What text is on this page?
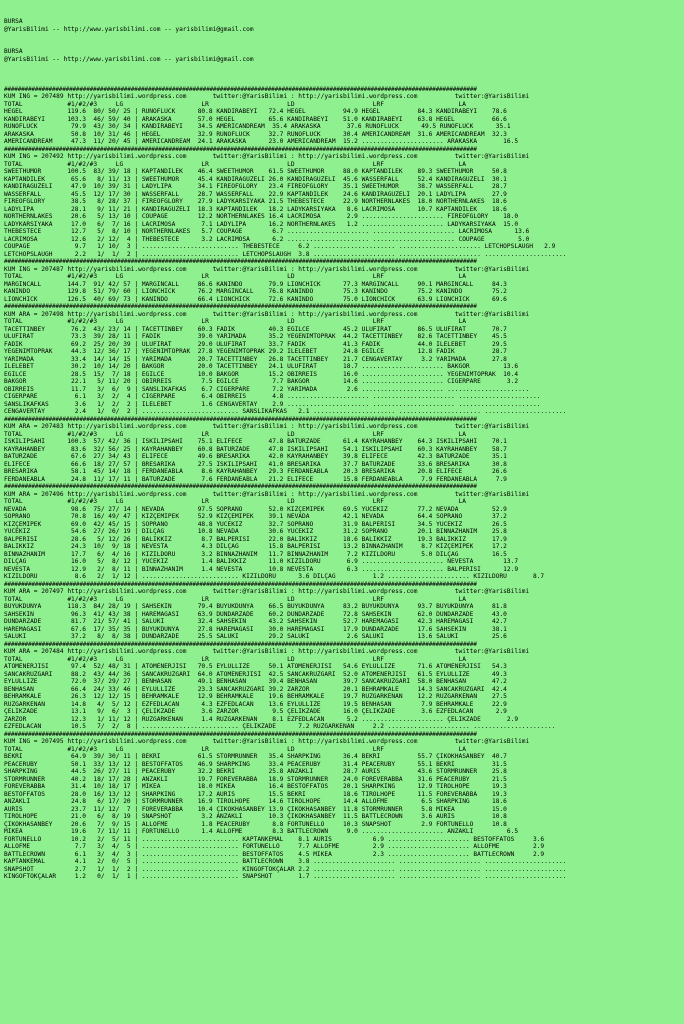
BURSA
@YarisBilimi -- http://www.yarisbilimi.com -- yarisbilimi@gmail.com
BURSA
@YarisBilimi -- http://www.yarisbilimi.com -- yarisbilimi@gmail.com

##########################################################################################################################################
KUM ING = 207489 http://yarisbilimi.wordpress.com       twitter:@YarisBilimi : http://yarisbilimi.wordpress.com          twitter:@YarisBilimi
TOTAL            #1/#2/#3     LG                     LR                     LD                     LRF                    LA
HEGEL            119.6  80/ 50/ 25 | RUNOFLUCK      80.8 KANDIRABEYI   72.4 HEGEL          94.9 HEGEL          84.3 KANDIRABEYI    78.6
KANDIRABEYI      103.3  46/ 59/ 40 | ARAKASKA       57.0 HEGEL         65.6 KANDIRABEYI    51.0 KANDIRABEYI    63.8 HEGEL          66.6
RUNOFLUCK         79.9  43/ 30/ 34 | KANDIRABEYI    34.5 AMERICANDREAM  35.4 ARAKASKA       37.6 RUNOFLUCK      49.5 RUNOFLUCK      35.1
ARAKASKA          50.8  10/ 31/ 46 | HEGEL          32.9 RUNOFLUCK     32.7 RUNOFLUCK      30.4 AMERICANDREAM  31.6 AMERICANDREAM  32.3
AMERICANDREAM     47.3  11/ 20/ 45 | AMERICANDREAM  24.1 ARAKASKA      23.0 AMERICANDREAM  15.2 ...................... ARAKASKA       16.5
##########################################################################################################################################
KUM ING = 207492 http://yarisbilimi.wordpress.com       twitter:@YarisBilimi : http://yarisbilimi.wordpress.com          twitter:@YarisBilimi
TOTAL            #1/#2/#3     LG                     LR                     LD                     LRF                    LA
SWEETHUMOR       100.5  83/ 39/ 18 | KAPTANDILEK    46.4 SWEETHUMOR    61.5 SWEETHUMOR     88.0 KAPTANDILEK    89.3 SWEETHUMOR     50.8
KAPTANDILEK       65.6   8/ 11/ 13 | SWEETHUMOR     45.4 KANDIRAGÜZELI 26.0 KANDIRAGÜZELI  45.6 WASSERFALL     52.4 KANDIRAGÜZELI  30.1
KANDIRAGÜZELI     47.9  10/ 39/ 31 | LADYLIPA       34.1 FIREOFGLORY   23.4 FIREOFGLORY    35.1 SWEETHUMOR     38.7 WASSERFALL     28.7
WASSERFALL        45.5  12/ 17/ 30 | WASSERFALL     28.7 WASSERFALL    22.9 KAPTANDILEK    24.6 KANDIRAGÜZELI  20.1 LADYLIPA       27.9
FIREOFGLORY       38.5   8/ 28/ 37 | FIREOFGLORY    27.9 LADYKARSIYAKA 21.5 THEBESTECE     22.9 NORTHERNLAKES  18.0 NORTHERNLAKES  18.6
LADYLIPA          28.1   9/ 11/ 21 | KANDIRAGÜZELI  18.3 KAPTANDILEK   18.2 LADYKARSIYAKA   8.6 LACRIMOSA      10.7 KAPTANDILEK    18.6
NORTHERNLAKES     20.6   5/ 13/ 10 | COUPAGE        12.2 NORTHERNLAKES 16.4 LACRIMOSA       2.9 ...................... FIREOFGLORY    18.0
LADYKARSIYAKA     17.0   6/  7/ 16 | LACRIMOSA       7.1 LADYLIPA      16.2 NORTHERNLAKES   1.2 ...................... LADYKARSIYAKA  15.0
THEBESTECE        12.7   5/  8/ 10 | NORTHERNLAKES   5.7 COUPAGE        6.7 ...................... ...................... LACRIMOSA      13.6
LACRIMOSA         12.6   2/ 12/  4 | THEBESTECE      3.2 LACRIMOSA      6.2 ...................... ...................... COUPAGE         5.0
COUPAGE            9.7   1/ 10/  3 | .......................... THEBESTECE     6.2 ...................... ...................... LETCHOPSLAUGH   2.9
LETCHOPSLAUGH      2.2   1/  1/  2 | .......................... LETCHOPSLAUGH  3.8 ...................... ...................... ......................
##########################################################################################################################################
KUM ING = 207487 http://yarisbilimi.wordpress.com       twitter:@YarisBilimi : http://yarisbilimi.wordpress.com          twitter:@YarisBilimi
TOTAL            #1/#2/#3     LG                     LR                     LD                     LRF                    LA
MARGINCALL       144.7  91/ 42/ 57 | MARGINCALL     86.6 KANINDO       79.9 LIONCHICK      77.3 MARGINCALL     90.1 MARGINCALL     84.3
KANINDO          129.8  51/ 79/ 60 | LIONCHICK      76.2 MARGINCALL    76.8 KANINDO        75.3 KANINDO        75.2 KANINDO        75.2
LIONCHICK        126.5  40/ 69/ 73 | KANINDO        66.4 LIONCHICK     72.6 KANINDO        75.0 LIONCHICK      63.9 LIONCHICK      69.6
##########################################################################################################################################
KUM ARA = 207498 http://yarisbilimi.wordpress.com       twitter:@YarisBilimi : http://yarisbilimi.wordpress.com          twitter:@YarisBilimi
TOTAL            #1/#2/#3     LG                     LR                     LD                     LRF                    LA
TACETTINBEY       76.2  43/ 23/ 14 | TACETTINBEY    60.3 FADIK         40.3 EGILCE         45.2 ULUFIRAT       86.5 ULUFIRAT       70.7
ULUFIRAT          73.3  39/ 28/ 11 | FADIK          39.0 YARIMADA      35.2 YEGENIMTOPRAK  44.2 TACETTINBEY    82.6 TACETTINBEY    45.5
FADIK             69.2  25/ 20/ 39 | ULUFIRAT       29.0 ULUFIRAT      33.7 FADIK          41.3 FADIK          44.0 ILELEBET       29.5
YEGENIMTOPRAK     44.3  12/ 36/ 17 | YEGENIMTOPRAK  27.8 YEGENIMTOPRAK 29.2 ILELEBET       24.8 EGILCE         12.8 FADIK          28.7
YARIMADA          33.4  14/ 14/ 15 | YARIMADA       20.7 TACETTINBEY   26.8 TACETTINBEY    21.7 CENGAVERTAY     3.2 YARIMADA       27.8
ILELEBET          30.2  10/ 14/ 20 | BAKGÖR         20.0 TACETTINBEY   24.1 ULUFIRAT       18.7 ...................... BAKGÖR         13.6
EGILCE            28.5  15/  7/ 18 | EGILCE         10.0 BAKGÖR        15.2 OBIRREIS       16.0 ...................... YEGENIMTOPRAK  10.4
BAKGÖR            22.1   5/ 11/ 20 | OBIRREIS        7.5 EGILCE         7.7 BAKGÖR         14.6 ...................... CIGERPARE       3.2
OBIRREIS          11.7   3/  6/  9 | SANSLIKAFKAS    6.7 CIGERPARE      7.2 YARIMADA        2.6 ...................... ......................
CIGERPARE          6.1   3/  2/  4 | CIGERPARE       6.4 OBIRREIS       4.8 ...................... ...................... ......................
SANSLIKAFKAS       3.6   1/  2/  2 | ILELEBET        1.6 CENGAVERTAY    2.9 ...................... ...................... ......................
CENGAVERTAY        2.4   1/  0/  2 | .......................... SANSLIKAFKAS   2.1 ...................... ...................... ......................
##########################################################################################################################################
KUM ARA = 207483 http://yarisbilimi.wordpress.com       twitter:@YarisBilimi : http://yarisbilimi.wordpress.com          twitter:@YarisBilimi
TOTAL            #1/#2/#3     LG                     LR                     LD                     LRF                    LA
ISKILIPSAHI      100.3  57/ 42/ 36 | ISKILIPSAHI    75.1 ELIFECE       47.8 BATURZADE      61.4 KAYRAHANBEY    64.3 ISKILIPSAHI    70.1
KAYRAHANBEY       83.6  32/ 56/ 25 | KAYRAHANBEY    60.8 BATURZADE     47.8 ISKILIPSAHI    54.1 ISKILIPSAHI    60.3 KAYRAHANBEY    58.7
BATURZADE         67.6  27/ 34/ 43 | ELIFECE        49.6 BRESARIKA     42.0 KAYRAHANBEY    39.8 ELIFECE        42.3 BATURZADE      35.1
ELIFECE           66.6  18/ 27/ 57 | BRESARIKA      27.5 ISKILIPSAHI   41.0 BRESARIKA      37.7 BATURZADE      33.6 BRESARIKA      30.8
BRESARIKA         58.1  45/ 14/ 18 | FERDANEABLA     8.6 KAYRAHANBEY   29.3 FERDANEABLA    20.3 BRESARIKA      20.8 ELIFECE        26.6
FERDANEABLA       24.8  11/ 17/ 11 | BATURZADE       7.6 FERDANEABLA   21.2 ELIFECE        15.8 FERDANEABLA     7.9 FERDANEABLA     7.9
##########################################################################################################################################
KUM ARA = 207496 http://yarisbilimi.wordpress.com       twitter:@YarisBilimi : http://yarisbilimi.wordpress.com          twitter:@YarisBilimi
TOTAL            #1/#2/#3     LG                     LR                     LD                     LRF                    LA
NEVADA            98.6  75/ 27/ 14 | NEVADA         97.5 SOPRANO       52.0 KIZÇEMIPEK     69.5 YÜCEKIZ        77.2 NEVADA         52.9
SOPRANO           70.8  16/ 49/ 47 | KIZÇEMIPEK     52.9 KIZÇEMIPEK    39.1 NEVADA         42.1 NEVADA         64.4 SOPRANO        37.2
KIZÇEMIPEK        69.0  42/ 45/ 15 | SOPRANO        48.8 YÜCEKIZ       32.7 SOPRANO        31.9 BALPERISI      34.5 YÜCEKIZ        26.5
YÜCEKIZ           54.6  27/ 26/ 19 | DILÇAG         10.8 NEVADA        30.6 YÜCEKIZ        31.2 SOPRANO        20.1 BINNAZHANIM    25.8
BALPERISI         28.6   5/ 12/ 26 | BALIKKIZ        8.7 BALPERISI     22.0 BALIKKIZ       18.6 BALIKKIZ       19.3 BALIKKIZ       17.9
BALIKKIZ          24.3  10/  9/ 18 | NEVESTA         4.3 DILÇAG        15.8 BALPERISI      13.2 BINNAZHANIM     8.7 KIZÇEMIPEK     17.2
BINNAZHANIM       17.7   6/  4/ 16 | KIZILDORU       3.2 BINNAZHANIM   11.7 BINNAZHANIM     7.2 KIZILDORU       5.0 DILÇAG         16.5
DILÇAG            16.0   5/  8/ 12 | YÜCEKIZ         1.4 BALIKKIZ      11.0 KIZILDORU       6.9 ...................... NEVESTA        13.7
NEVESTA           12.9   2/  8/ 11 | BINNAZHANIM     1.4 NEVESTA       10.8 NEVESTA         6.3 ...................... BALPERISI      12.9
KIZILDORU          8.6   2/  1/ 12 | .......................... KIZILDORU      3.6 DILÇAG          1.2 ...................... KIZILDORU       8.7
##########################################################################################################################################
KUM ARA = 207497 http://yarisbilimi.wordpress.com       twitter:@YarisBilimi : http://yarisbilimi.wordpress.com          twitter:@YarisBilimi
TOTAL            #1/#2/#3     LG                     LR                     LD                     LRF                    LA
BÜYÜKDÜNYA       118.3  84/ 28/ 19 | SAHSEKIN       79.4 BÜYÜKDÜNYA    66.5 BÜYÜKDÜNYA     83.2 BÜYÜKDÜNYA     93.7 BÜYÜKDÜNYA     81.8
SAHSEKIN          96.3  41/ 43/ 38 | HAREMAGASI     63.9 DÜNDARZADE    60.2 DÜNDARZADE     72.8 SAHSEKIN       62.0 DÜNDARZADE     43.0
DÜNDARZADE        81.7  21/ 57/ 41 | SALUKI         32.4 SAHSEKIN      43.2 SAHSEKIN       52.7 HAREMAGASI     42.3 HAREMAGASI     42.7
HAREMAGASI        67.6  17/ 35/ 35 | BÜYÜKDÜNYA     27.8 HAREMAGASI    30.0 HAREMAGASI     17.9 DÜNDARZADE     17.6 SAHSEKIN       38.1
SALUKI            37.2   8/  8/ 38 | DÜNDARZADE     25.5 SALUKI        29.2 SALUKI          2.6 SALUKI         13.6 SALUKI         25.6
##########################################################################################################################################
KUM ARA = 207484 http://yarisbilimi.wordpress.com       twitter:@YarisBilimi : http://yarisbilimi.wordpress.com          twitter:@YarisBilimi
TOTAL            #1/#2/#3     LG                     LR                     LD                     LRF                    LA
ATOMENERJISI      97.4  52/ 48/ 31 | ATOMENERJISI   70.5 EYLÜLLIZE     50.1 ATOMENERJISI   54.6 EYLÜLLIZE      71.6 ATOMENERJISI   54.3
SANCAKRÜZGARI     88.2  43/ 44/ 36 | SANCAKRÜZGARI  64.0 ATOMENERJISI  42.5 SANCAKRÜZGARI  52.0 ATOMENERJISI   61.5 EYLÜLLIZE      49.3
EYLÜLLIZE         72.0  37/ 29/ 27 | BENHASAN       49.1 BENHASAN      39.4 BENHASAN       39.7 SANCAKRÜZGARI  58.0 BENHASAN       47.2
BENHASAN          66.4  24/ 33/ 46 | EYLÜLLIZE      23.3 SANCAKRÜZGARI 39.2 ZARZOR         20.1 BEHRAMKALE     14.3 SANCAKRÜZGARI  42.4
BEHRAMKALE        26.3  12/ 12/ 15 | BEHRAMKALE     12.9 BEHRAMKALE    19.6 BEHRAMKALE     19.7 RÜZGARKENAN    12.2 RÜZGARKENAN    27.5
RÜZGARKENAN       14.8   4/  5/ 12 | EZFEDLACAN      4.3 EZFEDLACAN    13.6 EYLÜLLIZE      19.5 BENHASAN        7.9 BEHRAMKALE     22.9
ÇELIKZADE         13.1   9/  6/  3 | ÇELIKZADE       3.6 ZARZOR         9.5 ÇELIKZADE      16.0 ÇELIKZADE       3.6 EZFEDLACAN      2.9
ZARZOR            12.3   1/ 11/ 12 | RÜZGARKENAN     1.4 RÜZGARKENAN    8.1 EZFEDLACAN      5.2 ...................... ÇELIKZADE       2.9
EZFEDLACAN        10.5   7/  2/  8 | .......................... ÇELIKZADE      7.2 RÜZGARKENAN     2.2 ...................... ......................
##########################################################################################################################################
KUM ING = 207495 http://yarisbilimi.wordpress.com       twitter:@YarisBilimi : http://yarisbilimi.wordpress.com          twitter:@YarisBilimi
TOTAL            #1/#2/#3     LG                     LR                     LD                     LRF                    LA
BEKRI             64.9  39/ 30/ 11 | BEKRI          61.5 STORMRUNNER   35.4 SHARPKING      36.4 BEKRI          55.7 ÇIKOKHASANBEY  40.7
PEACERUBY         50.1  33/ 13/ 12 | BESTOFFATOS    46.9 SHARPKING     33.4 PEACERUBY      31.4 PEACERUBY      55.1 BEKRI          31.5
SHARPKING         44.5  26/ 27/ 11 | PEACERUBY      32.2 BEKRI         25.8 ANZAKLI        28.7 AURIS          43.6 STORMRUNNER    25.8
STORMRUNNER       40.2  18/ 17/ 28 | ANZAKLI        19.7 FOREVERABBA   18.9 STORMRUNNER    24.0 FOREVERABBA    31.6 PEACERUBY      21.5
FOREVERABBA       31.4  10/ 18/ 17 | MIKEA          18.0 MIKEA         16.4 BESTOFFATOS    20.1 SHARPKING      12.9 TIROLHOPE      19.3
BESTOFFATOS       28.0  16/ 13/ 12 | SHARPKING      17.2 AURIS         15.5 BEKRI          18.6 TIROLHOPE      11.5 FOREVERABBA    19.3
ANZAKLI           24.8   6/ 17/ 20 | STORMRUNNER    16.9 TIROLHOPE     14.6 TIROLHOPE      14.4 ALLOFME         6.5 SHARPKING      18.6
AURIS             23.7  11/ 12/  7 | FOREVERABBA    10.4 ÇIKOKHASANBEY 13.9 ÇIKOKHASANBEY  11.8 STORMRUNNER     5.8 MIKEA          15.0
TIROLHOPE         21.0   6/  8/ 19 | SNAPSHOT        3.2 ANZAKLI       10.3 ÇIKOKHASANBEY  11.5 BATTLECROWN     3.6 AURIS          10.8
ÇIKOKHASANBEY     20.6   7/  9/ 15 | ALLOFME         1.8 PEACERUBY      8.8 FORTUNELLO     10.3 SNAPSHOT        2.9 FORTUNELLO     10.8
MIKEA             19.6   7/ 11/ 11 | FORTUNELLO      1.4 ALLOFME        8.3 BATTLECROWN     9.0 ...................... ANZAKLI         6.5
FORTUNELLO        10.2   2/  5/ 11 | .......................... KAPTANKEMAL    8.1 AURIS           6.9 ...................... BESTOFFATOS     3.6
ALLOFME            7.7   3/  4/  5 | .......................... FORTUNELLO     7.7 ALLOFME         2.9 ...................... ALLOFME         2.9
BATTLECROWN        6.1   3/  4/  3 | .......................... BESTOFFATOS    4.5 MIKEA           2.3 ...................... BATTLECROWN     2.9
KAPTANKEMAL        4.1   2/  0/  5 | .......................... BATTLECROWN    3.8 ...................... ...................... ......................
SNAPSHOT           2.7   1/  1/  2 | .......................... KINGOFTOKÇALAR 2.2 ...................... ...................... ......................
KINGOFTOKÇALAR     1.2   0/  1/  1 | .......................... SNAPSHOT       1.7 ...................... ...................... ......................
